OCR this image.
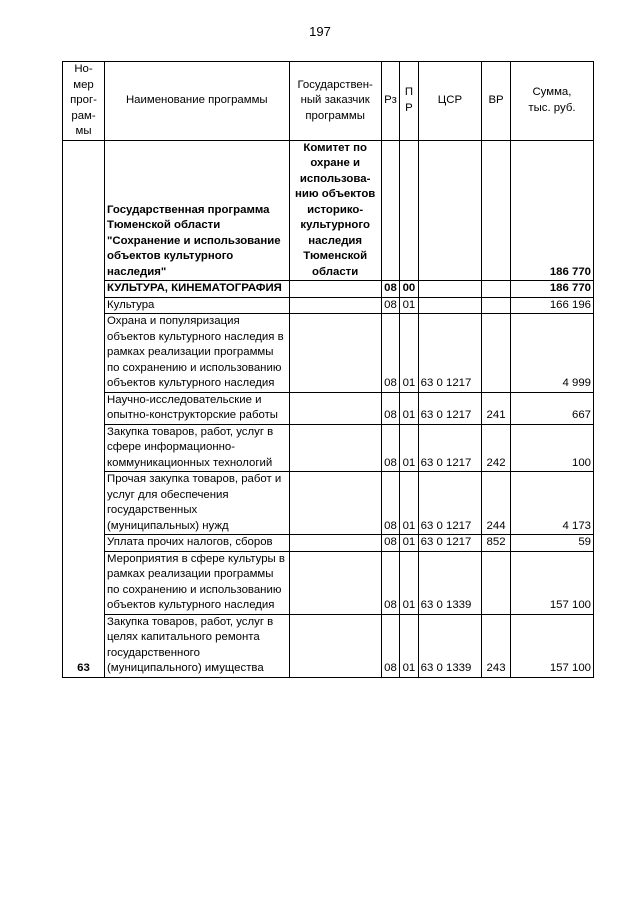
197
Но-
мер
прог-
рам-
мы	Наименование программы	Государствен-
ный заказчик
программы	Рз	ПР	ЦСР	ВР	Сумма,
тыс. руб.
63	Государственная программа Тюменской области "Сохранение и использование объектов культурного наследия"	Комитет по охране и использова-нию объектов историко-культурного наследия Тюменской области					186 770
	КУЛЬТУРА, КИНЕМАТОГРАФИЯ		08	00			186 770
	Культура		08	01			166 196
	Охрана и популяризация объектов культурного наследия в рамках реализации программы по сохранению и использованию объектов культурного наследия		08	01	63 0 1217		4 999
	Научно-исследовательские и опытно-конструкторские работы		08	01	63 0 1217	241	667
	Закупка товаров, работ, услуг в сфере информационно-коммуникационных технологий		08	01	63 0 1217	242	100
	Прочая закупка товаров, работ и услуг для обеспечения государственных (муниципальных) нужд		08	01	63 0 1217	244	4 173
	Уплата прочих налогов, сборов		08	01	63 0 1217	852	59
	Мероприятия в сфере культуры в рамках реализации программы по сохранению и использованию объектов культурного наследия		08	01	63 0 1339		157 100
	Закупка товаров, работ, услуг в целях капитального ремонта государственного (муниципального) имущества		08	01	63 0 1339	243	157 100
